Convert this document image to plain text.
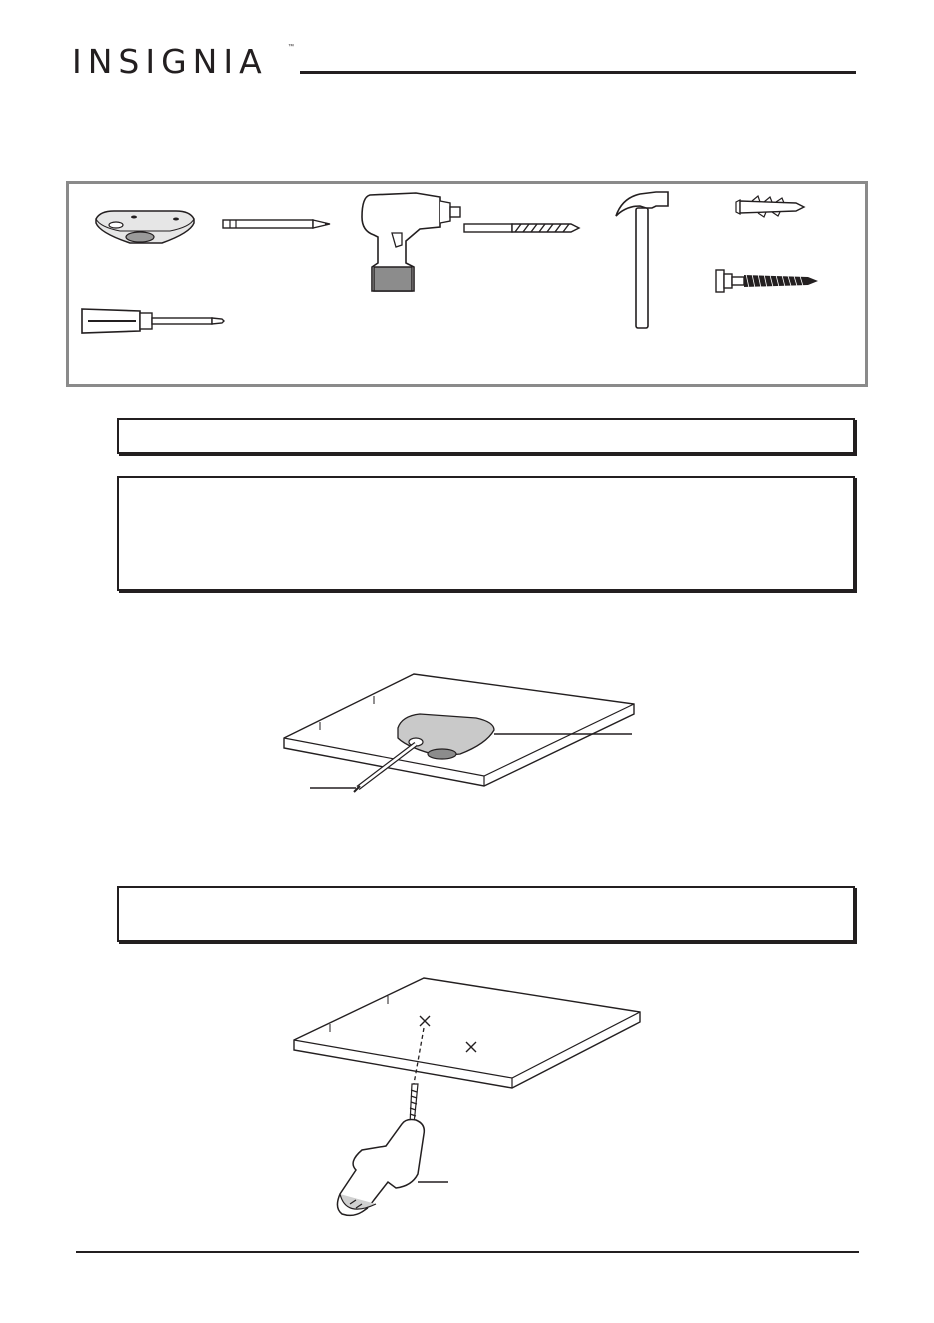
INSIGNIA	™
